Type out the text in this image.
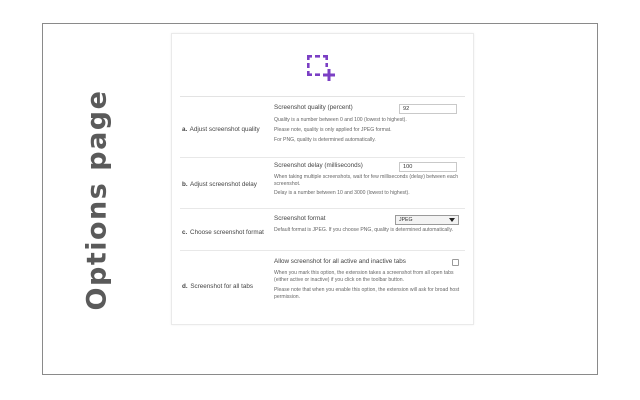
Options page	a. Adjust screenshot quality
Screenshot quality (percent)
Quality is a number between 0 and 100 (lowest to highest).
Please note, quality is only applied for JPEG format.
For PNG, quality is determined automatically.
92
b. Adjust screenshot delay
Screenshot delay (milliseconds)
When taking multiple screenshots, wait for few milliseconds (delay) between each screenshot.
Delay is a number between 10 and 3000 (lowest to highest).
100
c. Choose screenshot format
Screenshot format
Default format is JPEG. If you choose PNG, quality is determined automatically.
JPEG
d. Screenshot for all tabs
Allow screenshot for all active and inactive tabs
When you mark this option, the extension takes a screenshot from all open tabs (either active or inactive) if you click on the toolbar button.
Please note that when you enable this option, the extension will ask for broad host permission.
